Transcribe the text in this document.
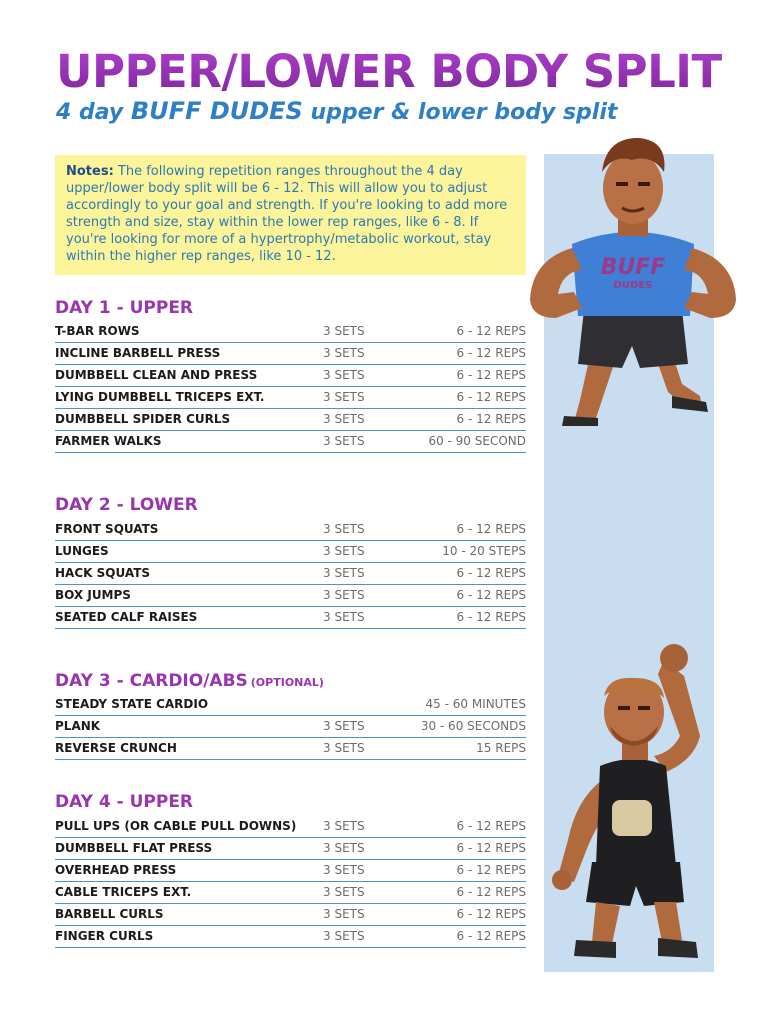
UPPER/LOWER BODY SPLIT
4 day BUFF DUDES upper & lower body split
Notes: The following repetition ranges throughout the 4 day upper/lower body split will be 6 - 12. This will allow you to adjust accordingly to your goal and strength. If you're looking to add more strength and size, stay within the lower rep ranges, like 6 - 8. If you're looking for more of a hypertrophy/metabolic workout, stay within the higher rep ranges, like 10 - 12.	BUFF
DUDES
DAY 1 - UPPER
T-BAR ROWS	3 SETS	6 - 12 REPS
INCLINE BARBELL PRESS	3 SETS	6 - 12 REPS
DUMBBELL CLEAN AND PRESS	3 SETS	6 - 12 REPS
LYING DUMBBELL TRICEPS EXT.	3 SETS	6 - 12 REPS
DUMBBELL SPIDER CURLS	3 SETS	6 - 12 REPS
FARMER WALKS	3 SETS	60 - 90 SECOND
DAY 2 - LOWER
FRONT SQUATS	3 SETS	6 - 12 REPS
LUNGES	3 SETS	10 - 20 STEPS
HACK SQUATS	3 SETS	6 - 12 REPS
BOX JUMPS	3 SETS	6 - 12 REPS
SEATED CALF RAISES	3 SETS	6 - 12 REPS
DAY 3 - CARDIO/ABS (OPTIONAL)
STEADY STATE CARDIO	45 - 60 MINUTES
PLANK	3 SETS	30 - 60 SECONDS
REVERSE CRUNCH	3 SETS	15 REPS
DAY 4 - UPPER
PULL UPS (OR CABLE PULL DOWNS) 3 SETS	6 - 12 REPS
DUMBBELL FLAT PRESS	3 SETS	6 - 12 REPS
OVERHEAD PRESS	3 SETS	6 - 12 REPS
CABLE TRICEPS EXT.	3 SETS	6 - 12 REPS
BARBELL CURLS	3 SETS	6 - 12 REPS
FINGER CURLS	3 SETS	6 - 12 REPS
